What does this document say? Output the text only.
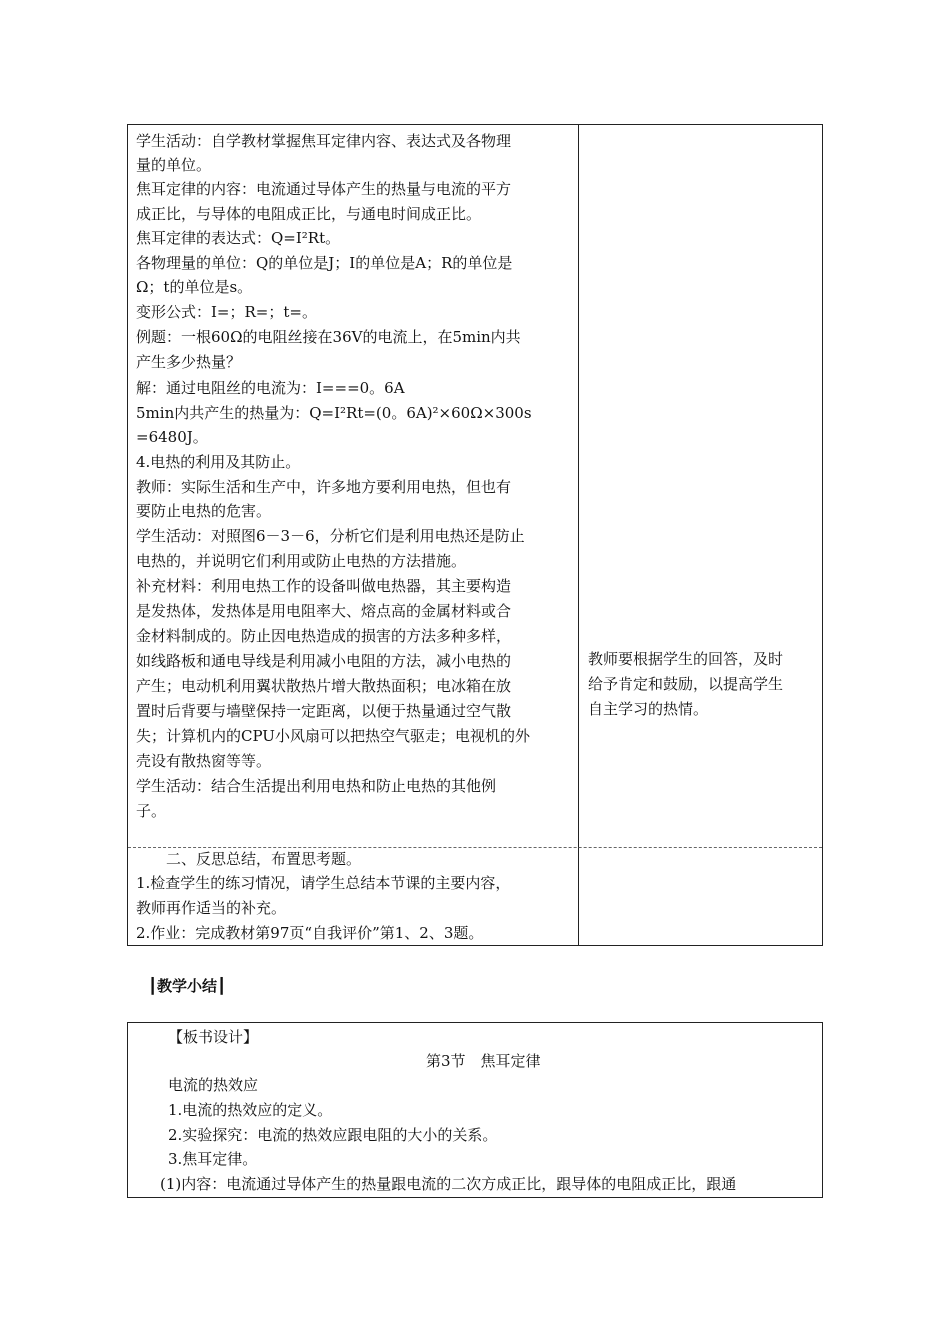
学生活动：自学教材掌握焦耳定律内容、表达式及各物理
量的单位。
焦耳定律的内容：电流通过导体产生的热量与电流的平方
成正比，与导体的电阻成正比，与通电时间成正比。
焦耳定律的表达式：Q=I²Rt。
各物理量的单位：Q的单位是J；I的单位是A；R的单位是
Ω；t的单位是s。
变形公式：I=；R=；t=。
例题：一根60Ω的电阻丝接在36V的电流上，在5min内共
产生多少热量？
解：通过电阻丝的电流为：I===0。6A
5min内共产生的热量为：Q=I²Rt=(0。6A)²×60Ω×300s
=6480J。
4.电热的利用及其防止。
教师：实际生活和生产中，许多地方要利用电热，但也有
要防止电热的危害。
学生活动：对照图6－3－6，分析它们是利用电热还是防止
电热的，并说明它们利用或防止电热的方法措施。
补充材料：利用电热工作的设备叫做电热器，其主要构造
是发热体，发热体是用电阻率大、熔点高的金属材料或合
金材料制成的。防止因电热造成的损害的方法多种多样，
如线路板和通电导线是利用减小电阻的方法，减小电热的
产生；电动机利用翼状散热片增大散热面积；电冰箱在放
置时后背要与墙壁保持一定距离，以便于热量通过空气散
失；计算机内的CPU小风扇可以把热空气驱走；电视机的外
壳设有散热窗等等。
学生活动：结合生活提出利用电热和防止电热的其他例
子。
教师要根据学生的回答，及时
给予肯定和鼓励，以提高学生
自主学习的热情。
　　二、反思总结，布置思考题。
1.检查学生的练习情况，请学生总结本节课的主要内容，
教师再作适当的补充。
2.作业：完成教材第97页“自我评价”第1、2、3题。
┃教学小结┃
【板书设计】
第3节　焦耳定律
电流的热效应
1.电流的热效应的定义。
2.实验探究：电流的热效应跟电阻的大小的关系。
3.焦耳定律。
(1)内容：电流通过导体产生的热量跟电流的二次方成正比，跟导体的电阻成正比，跟通
